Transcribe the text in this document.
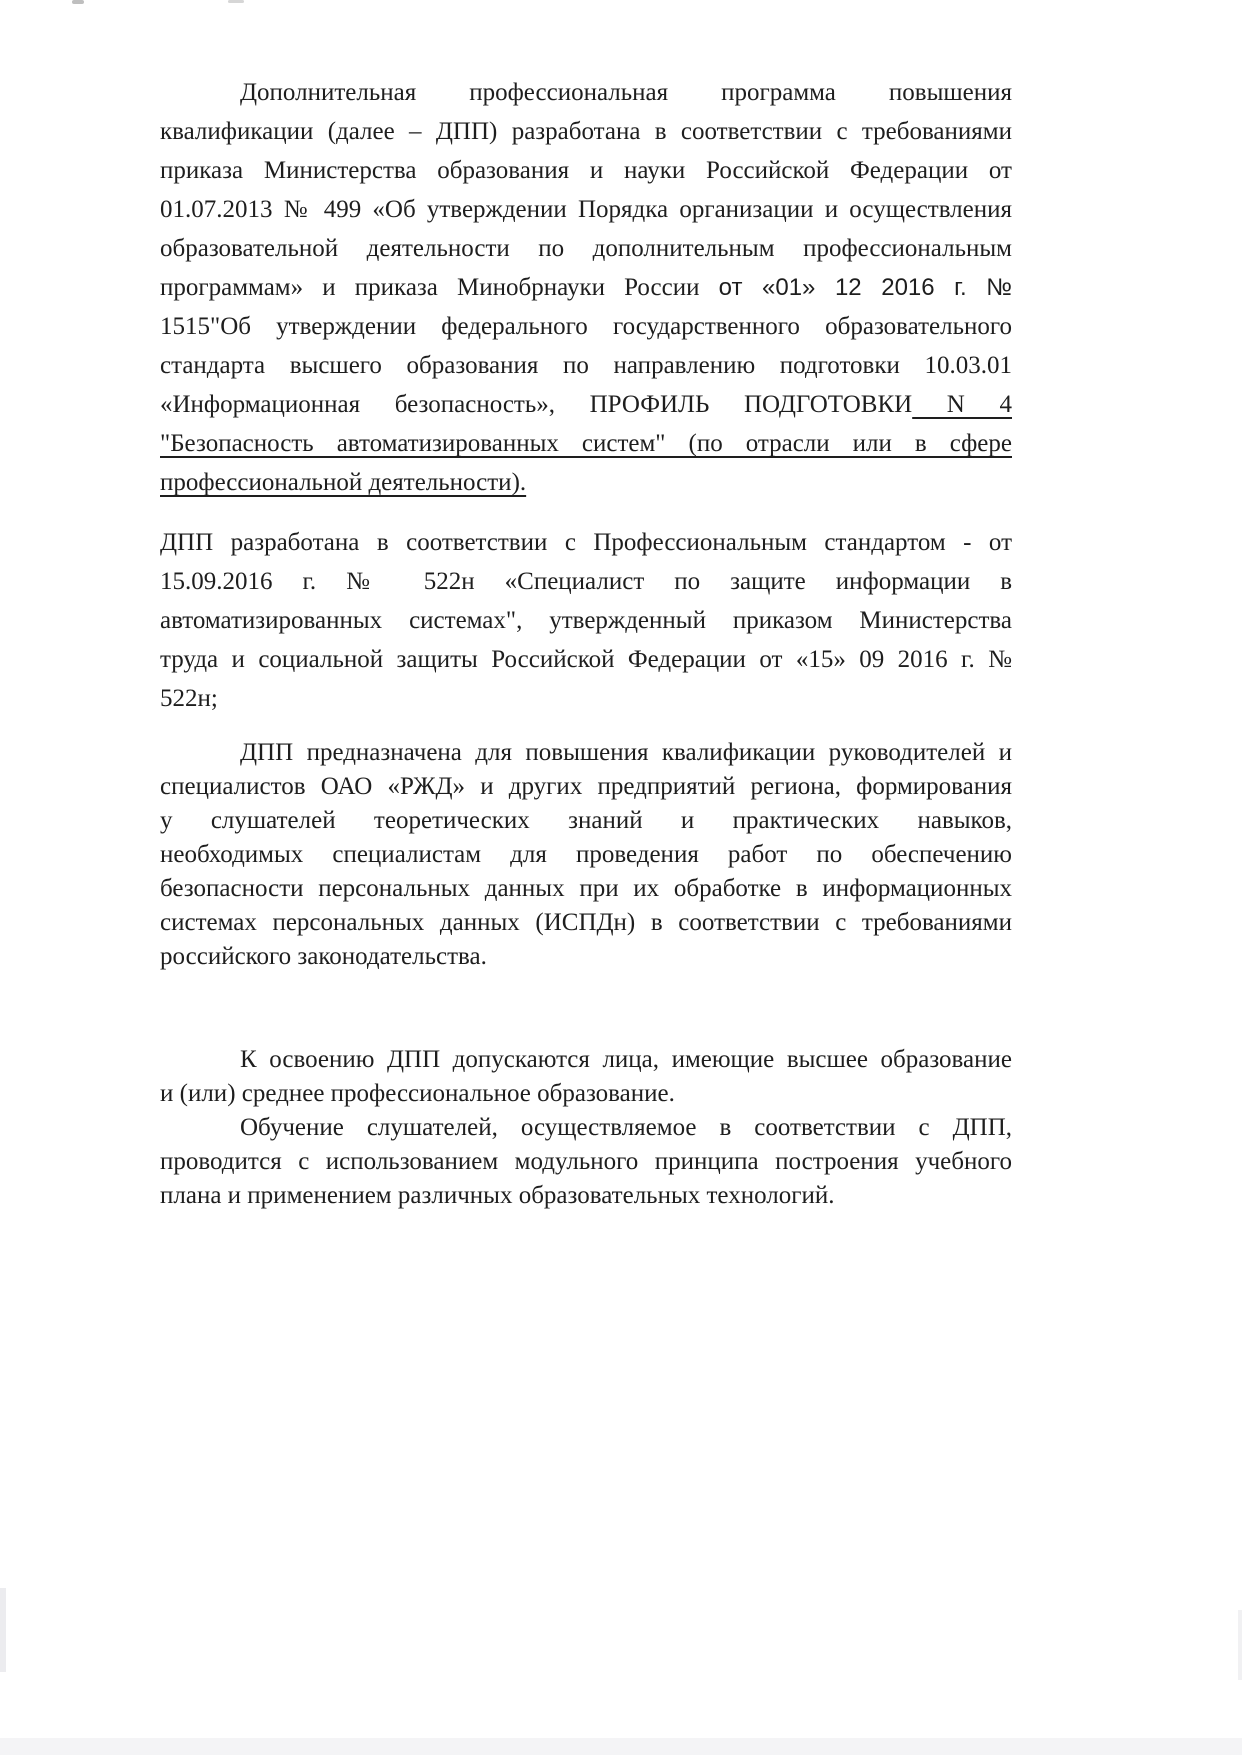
Дополнительная профессиональная программа повышения
квалификации (далее – ДПП) разработана в соответствии с требованиями
приказа Министерства образования и науки Российской Федерации от
01.07.2013 № 499 «Об утверждении Порядка организации и осуществления
образовательной деятельности по дополнительным профессиональным
программам» и приказа Минобрнауки России от «01» 12 2016 г. №
1515"Об утверждении федерального государственного образовательного
стандарта высшего образования по направлению подготовки 10.03.01
«Информационная безопасность», ПРОФИЛЬ ПОДГОТОВКИ N 4
"Безопасность автоматизированных систем" (по отрасли или в сфере
профессиональной деятельности).
ДПП разработана в соответствии с Профессиональным стандартом - от
15.09.2016 г. № 522н «Специалист по защите информации в
автоматизированных системах", утвержденный приказом Министерства
труда и социальной защиты Российской Федерации от «15» 09 2016 г. №
522н;
ДПП предназначена для повышения квалификации руководителей и
специалистов ОАО «РЖД» и других предприятий региона, формирования
у слушателей теоретических знаний и практических навыков,
необходимых специалистам для проведения работ по обеспечению
безопасности персональных данных при их обработке в информационных
системах персональных данных (ИСПДн) в соответствии с требованиями
российского законодательства.
К освоению ДПП допускаются лица, имеющие высшее образование
и (или) среднее профессиональное образование.
Обучение слушателей, осуществляемое в соответствии с ДПП,
проводится с использованием модульного принципа построения учебного
плана и применением различных образовательных технологий.
